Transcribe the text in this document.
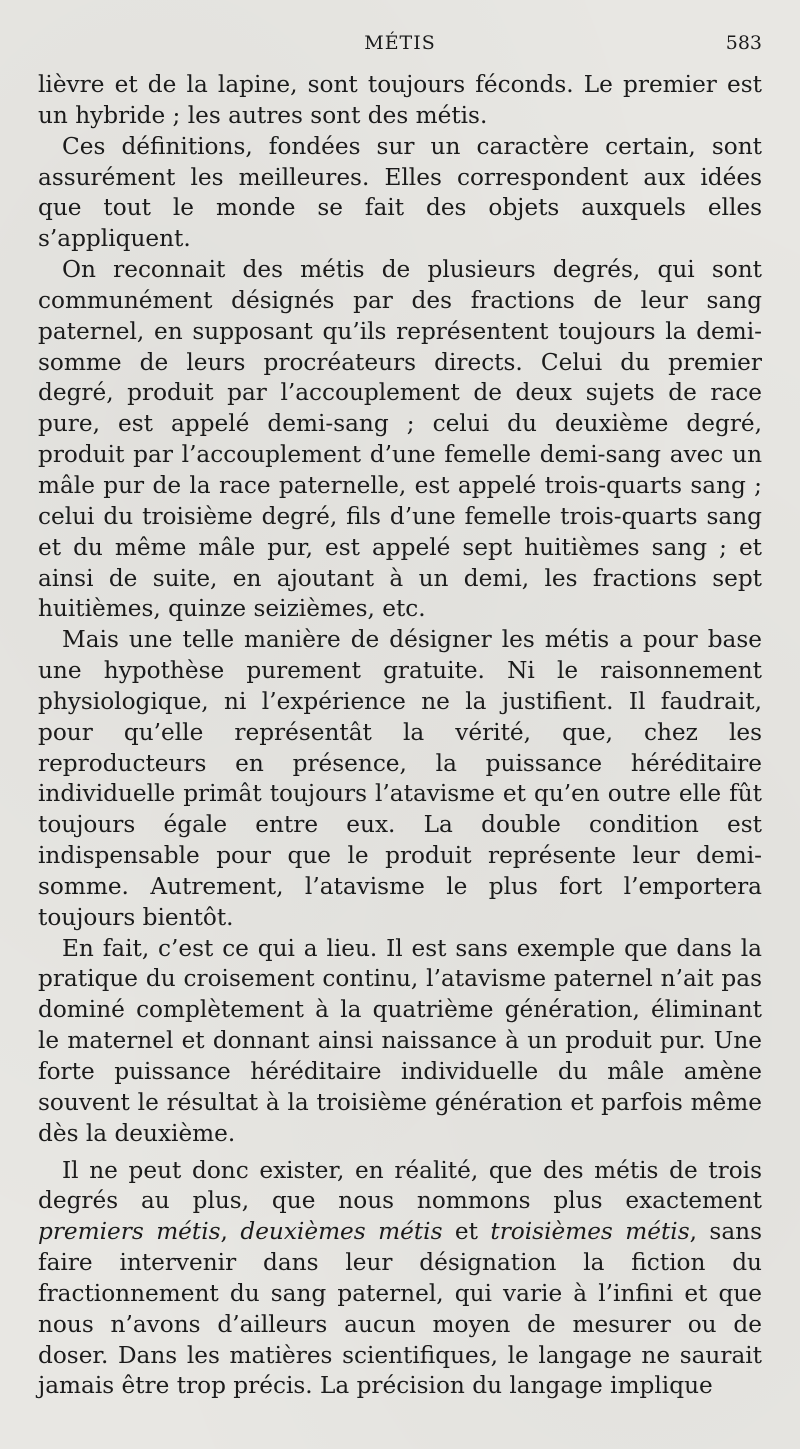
MÉTIS	583

lièvre et de la lapine, sont toujours féconds. Le premier est un hybride ; les autres sont des métis.

Ces définitions, fondées sur un caractère certain, sont assurément les meilleures. Elles correspondent aux idées que tout le monde se fait des objets auxquels elles s’appliquent.

On reconnait des métis de plusieurs degrés, qui sont communément désignés par des fractions de leur sang paternel, en supposant qu’ils représentent toujours la demi-somme de leurs procréateurs directs. Celui du premier degré, produit par l’accouplement de deux sujets de race pure, est appelé demi-sang ; celui du deuxième degré, produit par l’accouplement d’une femelle demi-sang avec un mâle pur de la race paternelle, est appelé trois-quarts sang ; celui du troisième degré, fils d’une femelle trois-quarts sang et du même mâle pur, est appelé sept huitièmes sang ; et ainsi de suite, en ajoutant à un demi, les fractions sept huitièmes, quinze seizièmes, etc.

Mais une telle manière de désigner les métis a pour base une hypothèse purement gratuite. Ni le raisonnement physiologique, ni l’expérience ne la justifient. Il faudrait, pour qu’elle représentât la vérité, que, chez les reproducteurs en présence, la puissance héréditaire individuelle primât toujours l’atavisme et qu’en outre elle fût toujours égale entre eux. La double condition est indispensable pour que le produit représente leur demi-somme. Autrement, l’atavisme le plus fort l’emportera toujours bientôt.

En fait, c’est ce qui a lieu. Il est sans exemple que dans la pratique du croisement continu, l’atavisme paternel n’ait pas dominé complètement à la quatrième génération, éliminant le maternel et donnant ainsi naissance à un produit pur. Une forte puissance héréditaire individuelle du mâle amène souvent le résultat à la troisième génération et parfois même dès la deuxième.

Il ne peut donc exister, en réalité, que des métis de trois degrés au plus, que nous nommons plus exactement premiers métis, deuxièmes métis et troisièmes métis, sans faire intervenir dans leur désignation la fiction du fractionnement du sang paternel, qui varie à l’infini et que nous n’avons d’ailleurs aucun moyen de mesurer ou de doser. Dans les matières scientifiques, le langage ne saurait jamais être trop précis. La précision du langage implique
